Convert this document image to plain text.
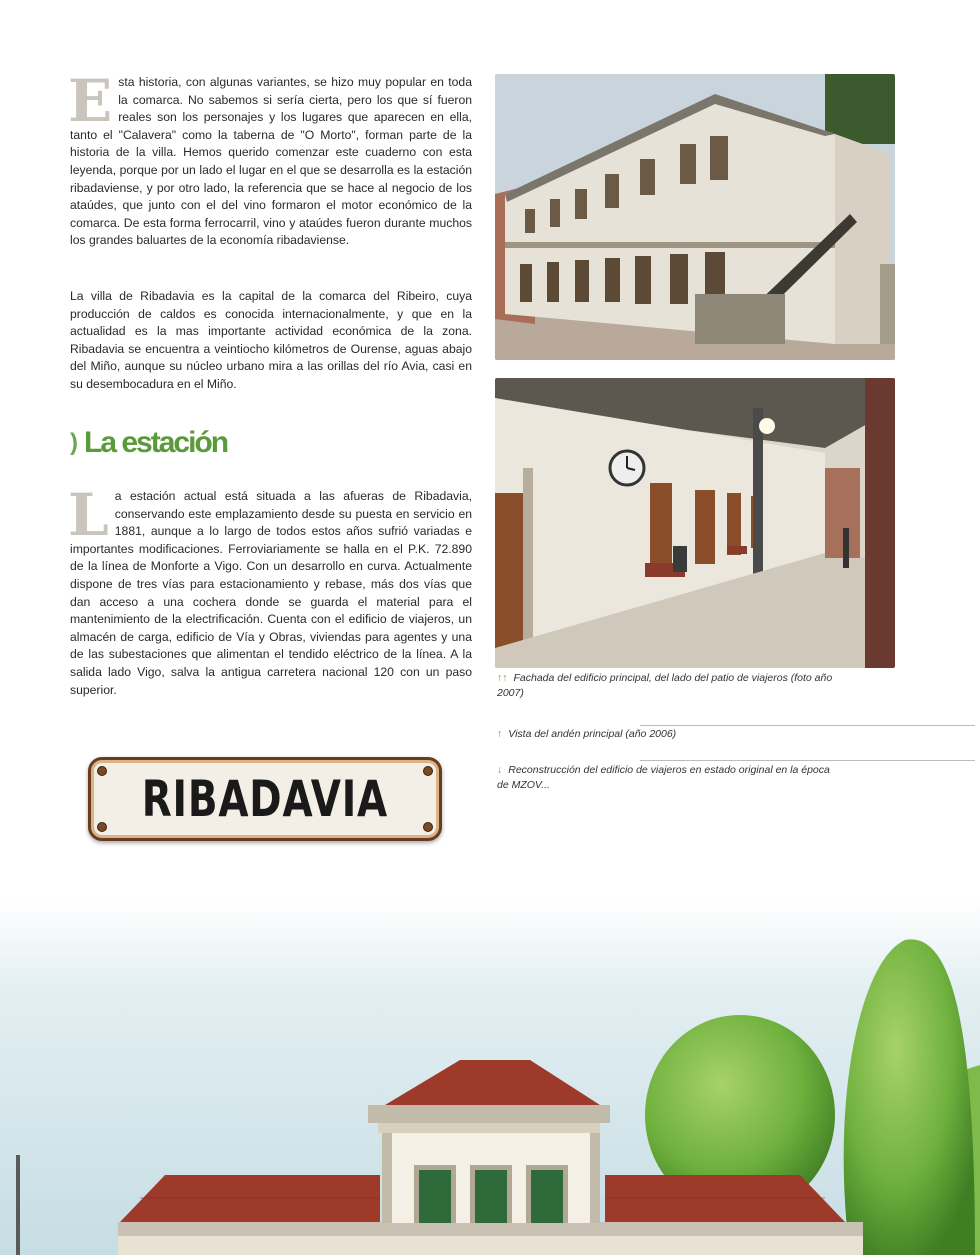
Esta historia, con algunas variantes, se hizo muy popular en toda la comarca. No sabemos si sería cierta, pero los que sí fueron reales son los personajes y los lugares que aparecen en ella, tanto el "Calavera" como la taberna de "O Morto", forman parte de la historia de la villa. Hemos querido comenzar este cuaderno con esta leyenda, porque por un lado el lugar en el que se desarrolla es la estación ribadaviense, y por otro lado, la referencia que se hace al negocio de los ataúdes, que junto con el del vino formaron el motor económico de la comarca. De esta forma ferrocarril, vino y ataúdes fueron durante muchos los grandes baluartes de la economía ribadaviense.

La villa de Ribadavia es la capital de la comarca del Ribeiro, cuya producción de caldos es conocida internacionalmente, y que en la actualidad es la mas importante actividad económica de la zona. Ribadavia se encuentra a veintiocho kilómetros de Ourense, aguas abajo del Miño, aunque su núcleo urbano mira a las orillas del río Avia, casi en su desembocadura en el Miño.

) La estación

La estación actual está situada a las afueras de Ribadavia, conservando este emplazamiento desde su puesta en servicio en 1881, aunque a lo largo de todos estos años sufrió variadas e importantes modificaciones. Ferroviariamente se halla en el P.K. 72.890 de la línea de Monforte a Vigo. Con un desarrollo en curva. Actualmente dispone de tres vías para estacionamiento y rebase, más dos vías que dan acceso a una cochera donde se guarda el material para el mantenimiento de la electrificación. Cuenta con el edificio de viajeros, un almacén de carga, edificio de Vía y Obras, viviendas para agentes y una de las subestaciones que alimentan el tendido eléctrico de la línea. A la salida lado Vigo, salva la antigua carretera nacional 120 con un paso superior.

↑↑ Fachada del edificio principal, del lado del patio de viajeros (foto año 2007)
↑ Vista del andén principal (año 2006)
↓ Reconstrucción del edificio de viajeros en estado original en la época de MZOV...
RIBADAVIA
